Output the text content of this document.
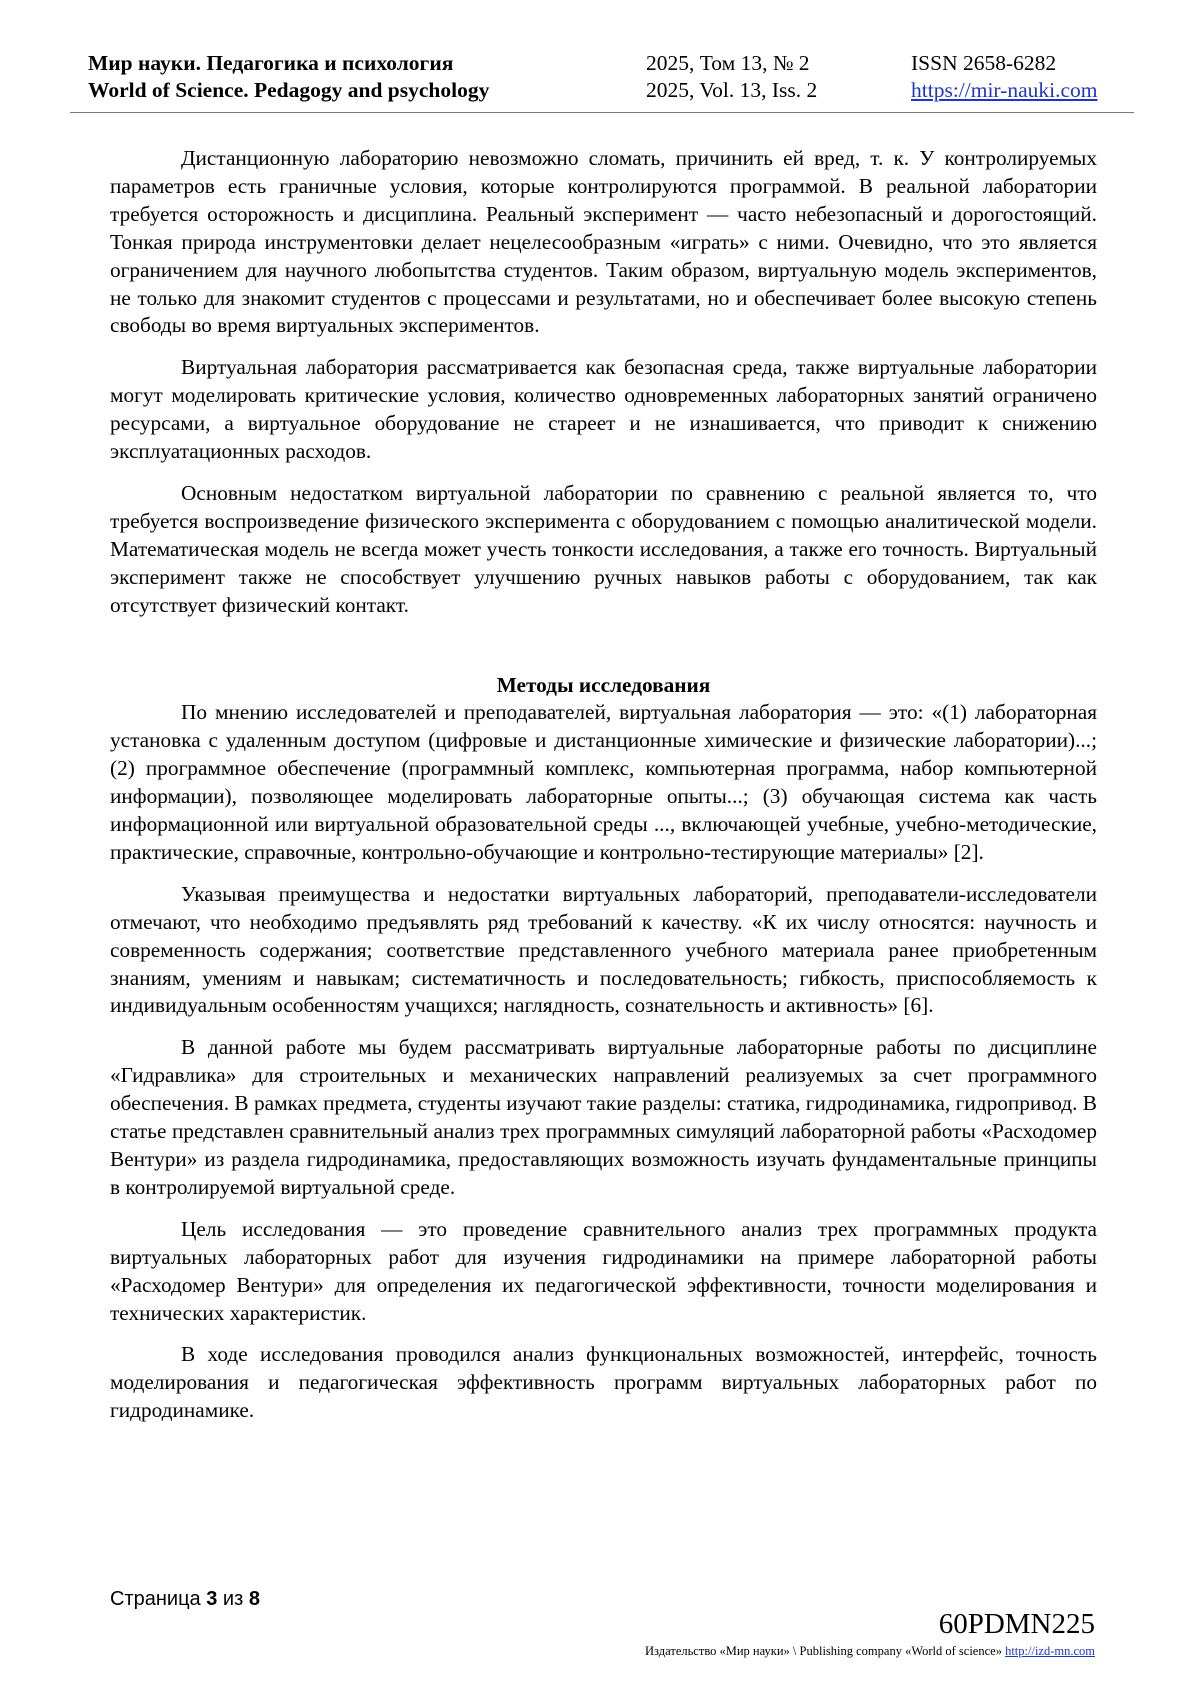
Мир науки. Педагогика и психология
World of Science. Pedagogy and psychology
2025, Том 13, № 2
2025, Vol. 13, Iss. 2
ISSN 2658-6282
https://mir-nauki.com

Дистанционную лабораторию невозможно сломать, причинить ей вред, т. к. У контролируемых параметров есть граничные условия, которые контролируются программой. В реальной лаборатории требуется осторожность и дисциплина. Реальный эксперимент — часто небезопасный и дорогостоящий. Тонкая природа инструментовки делает нецелесообразным «играть» с ними. Очевидно, что это является ограничением для научного любопытства студентов. Таким образом, виртуальную модель экспериментов, не только для знакомит студентов с процессами и результатами, но и обеспечивает более высокую степень свободы во время виртуальных экспериментов.

Виртуальная лаборатория рассматривается как безопасная среда, также виртуальные лаборатории могут моделировать критические условия, количество одновременных лабораторных занятий ограничено ресурсами, а виртуальное оборудование не стареет и не изнашивается, что приводит к снижению эксплуатационных расходов.

Основным недостатком виртуальной лаборатории по сравнению с реальной является то, что требуется воспроизведение физического эксперимента с оборудованием с помощью аналитической модели. Математическая модель не всегда может учесть тонкости исследования, а также его точность. Виртуальный эксперимент также не способствует улучшению ручных навыков работы с оборудованием, так как отсутствует физический контакт.

Методы исследования

По мнению исследователей и преподавателей, виртуальная лаборатория — это: «(1) лабораторная установка с удаленным доступом (цифровые и дистанционные химические и физические лаборатории)...; (2) программное обеспечение (программный комплекс, компьютерная программа, набор компьютерной информации), позволяющее моделировать лабораторные опыты...; (3) обучающая система как часть информационной или виртуальной образовательной среды ..., включающей учебные, учебно-методические, практические, справочные, контрольно-обучающие и контрольно-тестирующие материалы» [2].

Указывая преимущества и недостатки виртуальных лабораторий, преподаватели-исследователи отмечают, что необходимо предъявлять ряд требований к качеству. «К их числу относятся: научность и современность содержания; соответствие представленного учебного материала ранее приобретенным знаниям, умениям и навыкам; систематичность и последовательность; гибкость, приспособляемость к индивидуальным особенностям учащихся; наглядность, сознательность и активность» [6].

В данной работе мы будем рассматривать виртуальные лабораторные работы по дисциплине «Гидравлика» для строительных и механических направлений реализуемых за счет программного обеспечения. В рамках предмета, студенты изучают такие разделы: статика, гидродинамика, гидропривод. В статье представлен сравнительный анализ трех программных симуляций лабораторной работы «Расходомер Вентури» из раздела гидродинамика, предоставляющих возможность изучать фундаментальные принципы в контролируемой виртуальной среде.

Цель исследования — это проведение сравнительного анализ трех программных продукта виртуальных лабораторных работ для изучения гидродинамики на примере лабораторной работы «Расходомер Вентури» для определения их педагогической эффективности, точности моделирования и технических характеристик.

В ходе исследования проводился анализ функциональных возможностей, интерфейс, точность моделирования и педагогическая эффективность программ виртуальных лабораторных работ по гидродинамике.

Страница 3 из 8
60PDMN225
Издательство «Мир науки» \ Publishing company «World of science» http://izd-mn.com
